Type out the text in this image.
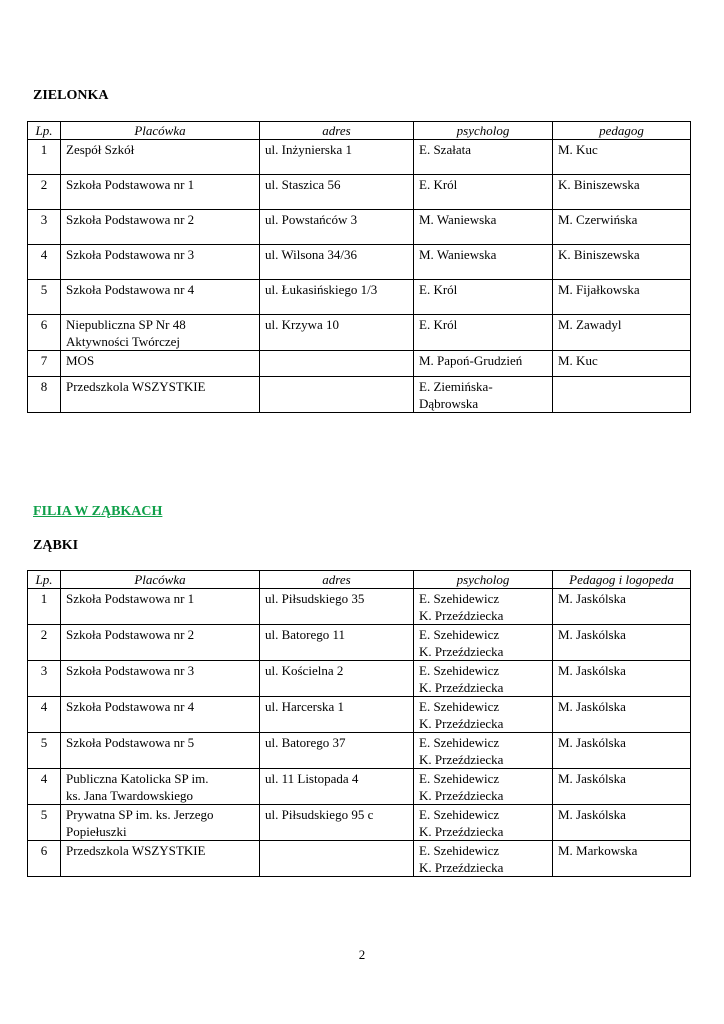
ZIELONKA
Lp.	Placówka	adres	psycholog	pedagog
1	Zespół Szkół	ul. Inżynierska 1	E. Szałata	M. Kuc
2	Szkoła Podstawowa nr 1	ul. Staszica 56	E. Król	K. Biniszewska
3	Szkoła Podstawowa nr 2	ul. Powstańców 3	M. Waniewska	M. Czerwińska
4	Szkoła Podstawowa nr 3	ul. Wilsona 34/36	M. Waniewska	K. Biniszewska
5	Szkoła Podstawowa nr 4	ul. Łukasińskiego 1/3	E. Król	M. Fijałkowska
6	Niepubliczna SP Nr 48
Aktywności Twórczej	ul. Krzywa 10	E. Król	M. Zawadyl
7	MOS		M. Papoń-Grudzień	M. Kuc
8	Przedszkola WSZYSTKIE		E. Ziemińska-
Dąbrowska	
FILIA W ZĄBKACH
ZĄBKI
Lp.	Placówka	adres	psycholog	Pedagog i logopeda
1	Szkoła Podstawowa nr 1	ul. Piłsudskiego 35	E. Szehidewicz
K. Przeździecka	M. Jaskólska
2	Szkoła Podstawowa nr 2	ul. Batorego 11	E. Szehidewicz
K. Przeździecka	M. Jaskólska
3	Szkoła Podstawowa nr 3	ul. Kościelna 2	E. Szehidewicz
K. Przeździecka	M. Jaskólska
4	Szkoła Podstawowa nr 4	ul. Harcerska 1	E. Szehidewicz
K. Przeździecka	M. Jaskólska
5	Szkoła Podstawowa nr 5	ul. Batorego 37	E. Szehidewicz
K. Przeździecka	M. Jaskólska
4	Publiczna Katolicka SP im.
ks. Jana Twardowskiego	ul. 11 Listopada 4	E. Szehidewicz
K. Przeździecka	M. Jaskólska
5	Prywatna SP im. ks. Jerzego
Popiełuszki	ul. Piłsudskiego 95 c	E. Szehidewicz
K. Przeździecka	M. Jaskólska
6	Przedszkola WSZYSTKIE		E. Szehidewicz
K. Przeździecka	M. Markowska
2
